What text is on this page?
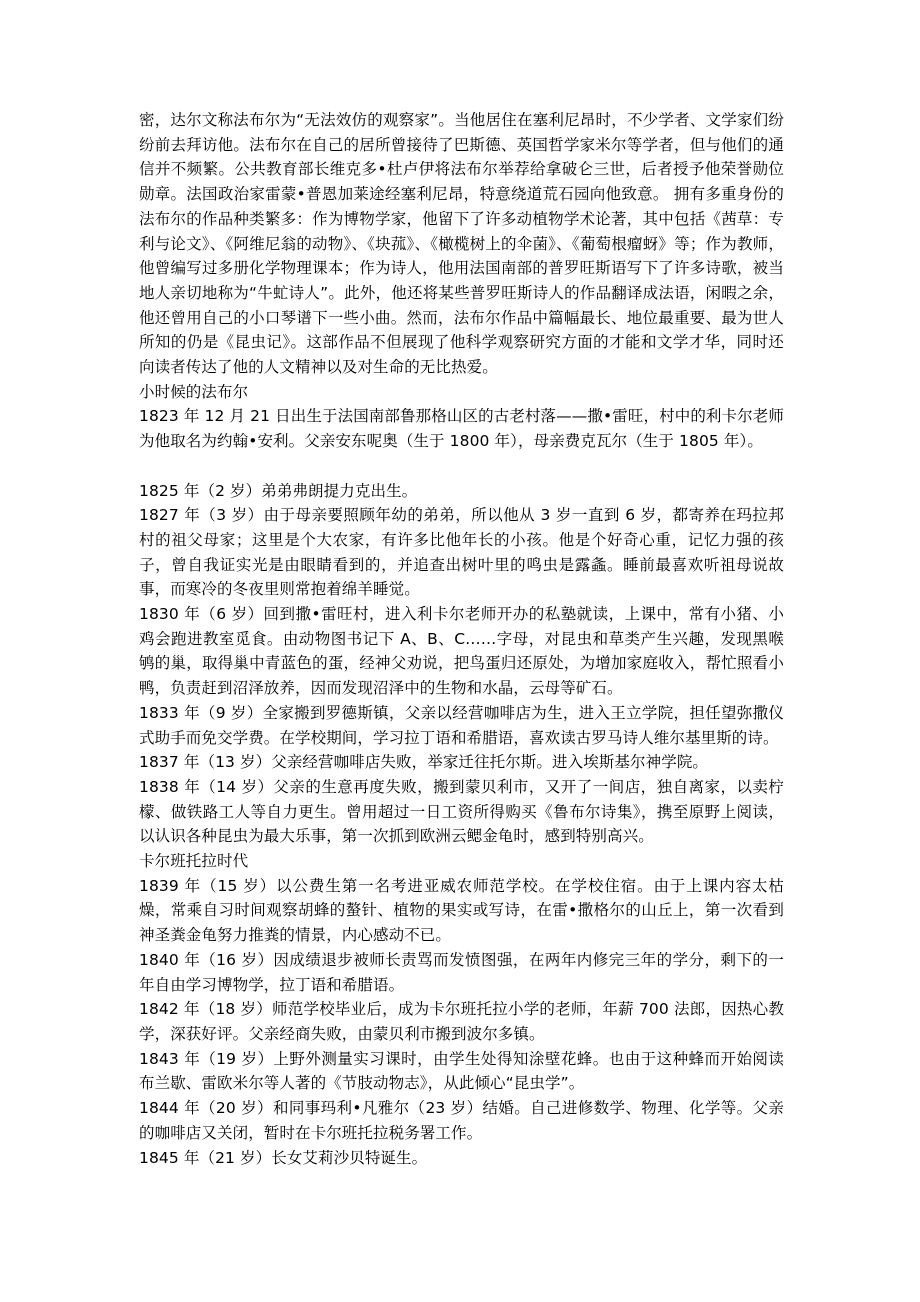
密，达尔文称法布尔为“无法效仿的观察家”。当他居住在塞利尼昂时，不少学者、文学家们纷纷前去拜访他。法布尔在自己的居所曾接待了巴斯德、英国哲学家米尔等学者，但与他们的通信并不频繁。公共教育部长维克多•杜卢伊将法布尔举荐给拿破仑三世，后者授予他荣誉勋位勋章。法国政治家雷蒙•普恩加莱途经塞利尼昂，特意绕道荒石园向他致意。 拥有多重身份的法布尔的作品种类繁多：作为博物学家，他留下了许多动植物学术论著，其中包括《茜草：专利与论文》、《阿维尼翁的动物》、《块菰》、《橄榄树上的伞菌》、《葡萄根瘤蚜》等；作为教师，他曾编写过多册化学物理课本；作为诗人，他用法国南部的普罗旺斯语写下了许多诗歌，被当地人亲切地称为“牛虻诗人”。此外，他还将某些普罗旺斯诗人的作品翻译成法语，闲暇之余，他还曾用自己的小口琴谱下一些小曲。然而，法布尔作品中篇幅最长、地位最重要、最为世人所知的仍是《昆虫记》。这部作品不但展现了他科学观察研究方面的才能和文学才华，同时还向读者传达了他的人文精神以及对生命的无比热爱。

小时候的法布尔

1823 年 12 月 21 日出生于法国南部鲁那格山区的古老村落——撒•雷旺，村中的利卡尔老师为他取名为约翰•安利。父亲安东呢奥（生于 1800 年），母亲费克瓦尔（生于 1805 年）。

1825 年（2 岁）弟弟弗朗提力克出生。

1827 年（3 岁）由于母亲要照顾年幼的弟弟，所以他从 3 岁一直到 6 岁，都寄养在玛拉邦村的祖父母家；这里是个大农家，有许多比他年长的小孩。他是个好奇心重，记忆力强的孩子，曾自我证实光是由眼睛看到的，并追查出树叶里的鸣虫是露螽。睡前最喜欢听祖母说故事，而寒冷的冬夜里则常抱着绵羊睡觉。

1830 年（6 岁）回到撒•雷旺村，进入利卡尔老师开办的私塾就读，上课中，常有小猪、小鸡会跑进教室觅食。由动物图书记下 A、B、C……字母，对昆虫和草类产生兴趣，发现黑喉鸲的巢，取得巢中青蓝色的蛋，经神父劝说，把鸟蛋归还原处，为增加家庭收入，帮忙照看小鸭，负责赶到沼泽放养，因而发现沼泽中的生物和水晶，云母等矿石。

1833 年（9 岁）全家搬到罗德斯镇，父亲以经营咖啡店为生，进入王立学院，担任望弥撒仪式助手而免交学费。在学校期间，学习拉丁语和希腊语，喜欢读古罗马诗人维尔基里斯的诗。

1837 年（13 岁）父亲经营咖啡店失败，举家迁往托尔斯。进入埃斯基尔神学院。

1838 年（14 岁）父亲的生意再度失败，搬到蒙贝利市，又开了一间店，独自离家，以卖柠檬、做铁路工人等自力更生。曾用超过一日工资所得购买《鲁布尔诗集》，携至原野上阅读，以认识各种昆虫为最大乐事，第一次抓到欧洲云鳃金龟时，感到特别高兴。

卡尔班托拉时代

1839 年（15 岁）以公费生第一名考进亚威农师范学校。在学校住宿。由于上课内容太枯燥，常乘自习时间观察胡蜂的螯针、植物的果实或写诗，在雷•撒格尔的山丘上，第一次看到神圣粪金龟努力推粪的情景，内心感动不已。

1840 年（16 岁）因成绩退步被师长责骂而发愤图强，在两年内修完三年的学分，剩下的一年自由学习博物学，拉丁语和希腊语。

1842 年（18 岁）师范学校毕业后，成为卡尔班托拉小学的老师，年薪 700 法郎，因热心教学，深获好评。父亲经商失败，由蒙贝利市搬到波尔多镇。

1843 年（19 岁）上野外测量实习课时，由学生处得知涂壁花蜂。也由于这种蜂而开始阅读布兰歇、雷欧米尔等人著的《节肢动物志》，从此倾心“昆虫学”。

1844 年（20 岁）和同事玛利•凡雅尔（23 岁）结婚。自己进修数学、物理、化学等。父亲的咖啡店又关闭，暂时在卡尔班托拉税务署工作。

1845 年（21 岁）长女艾莉沙贝特诞生。
